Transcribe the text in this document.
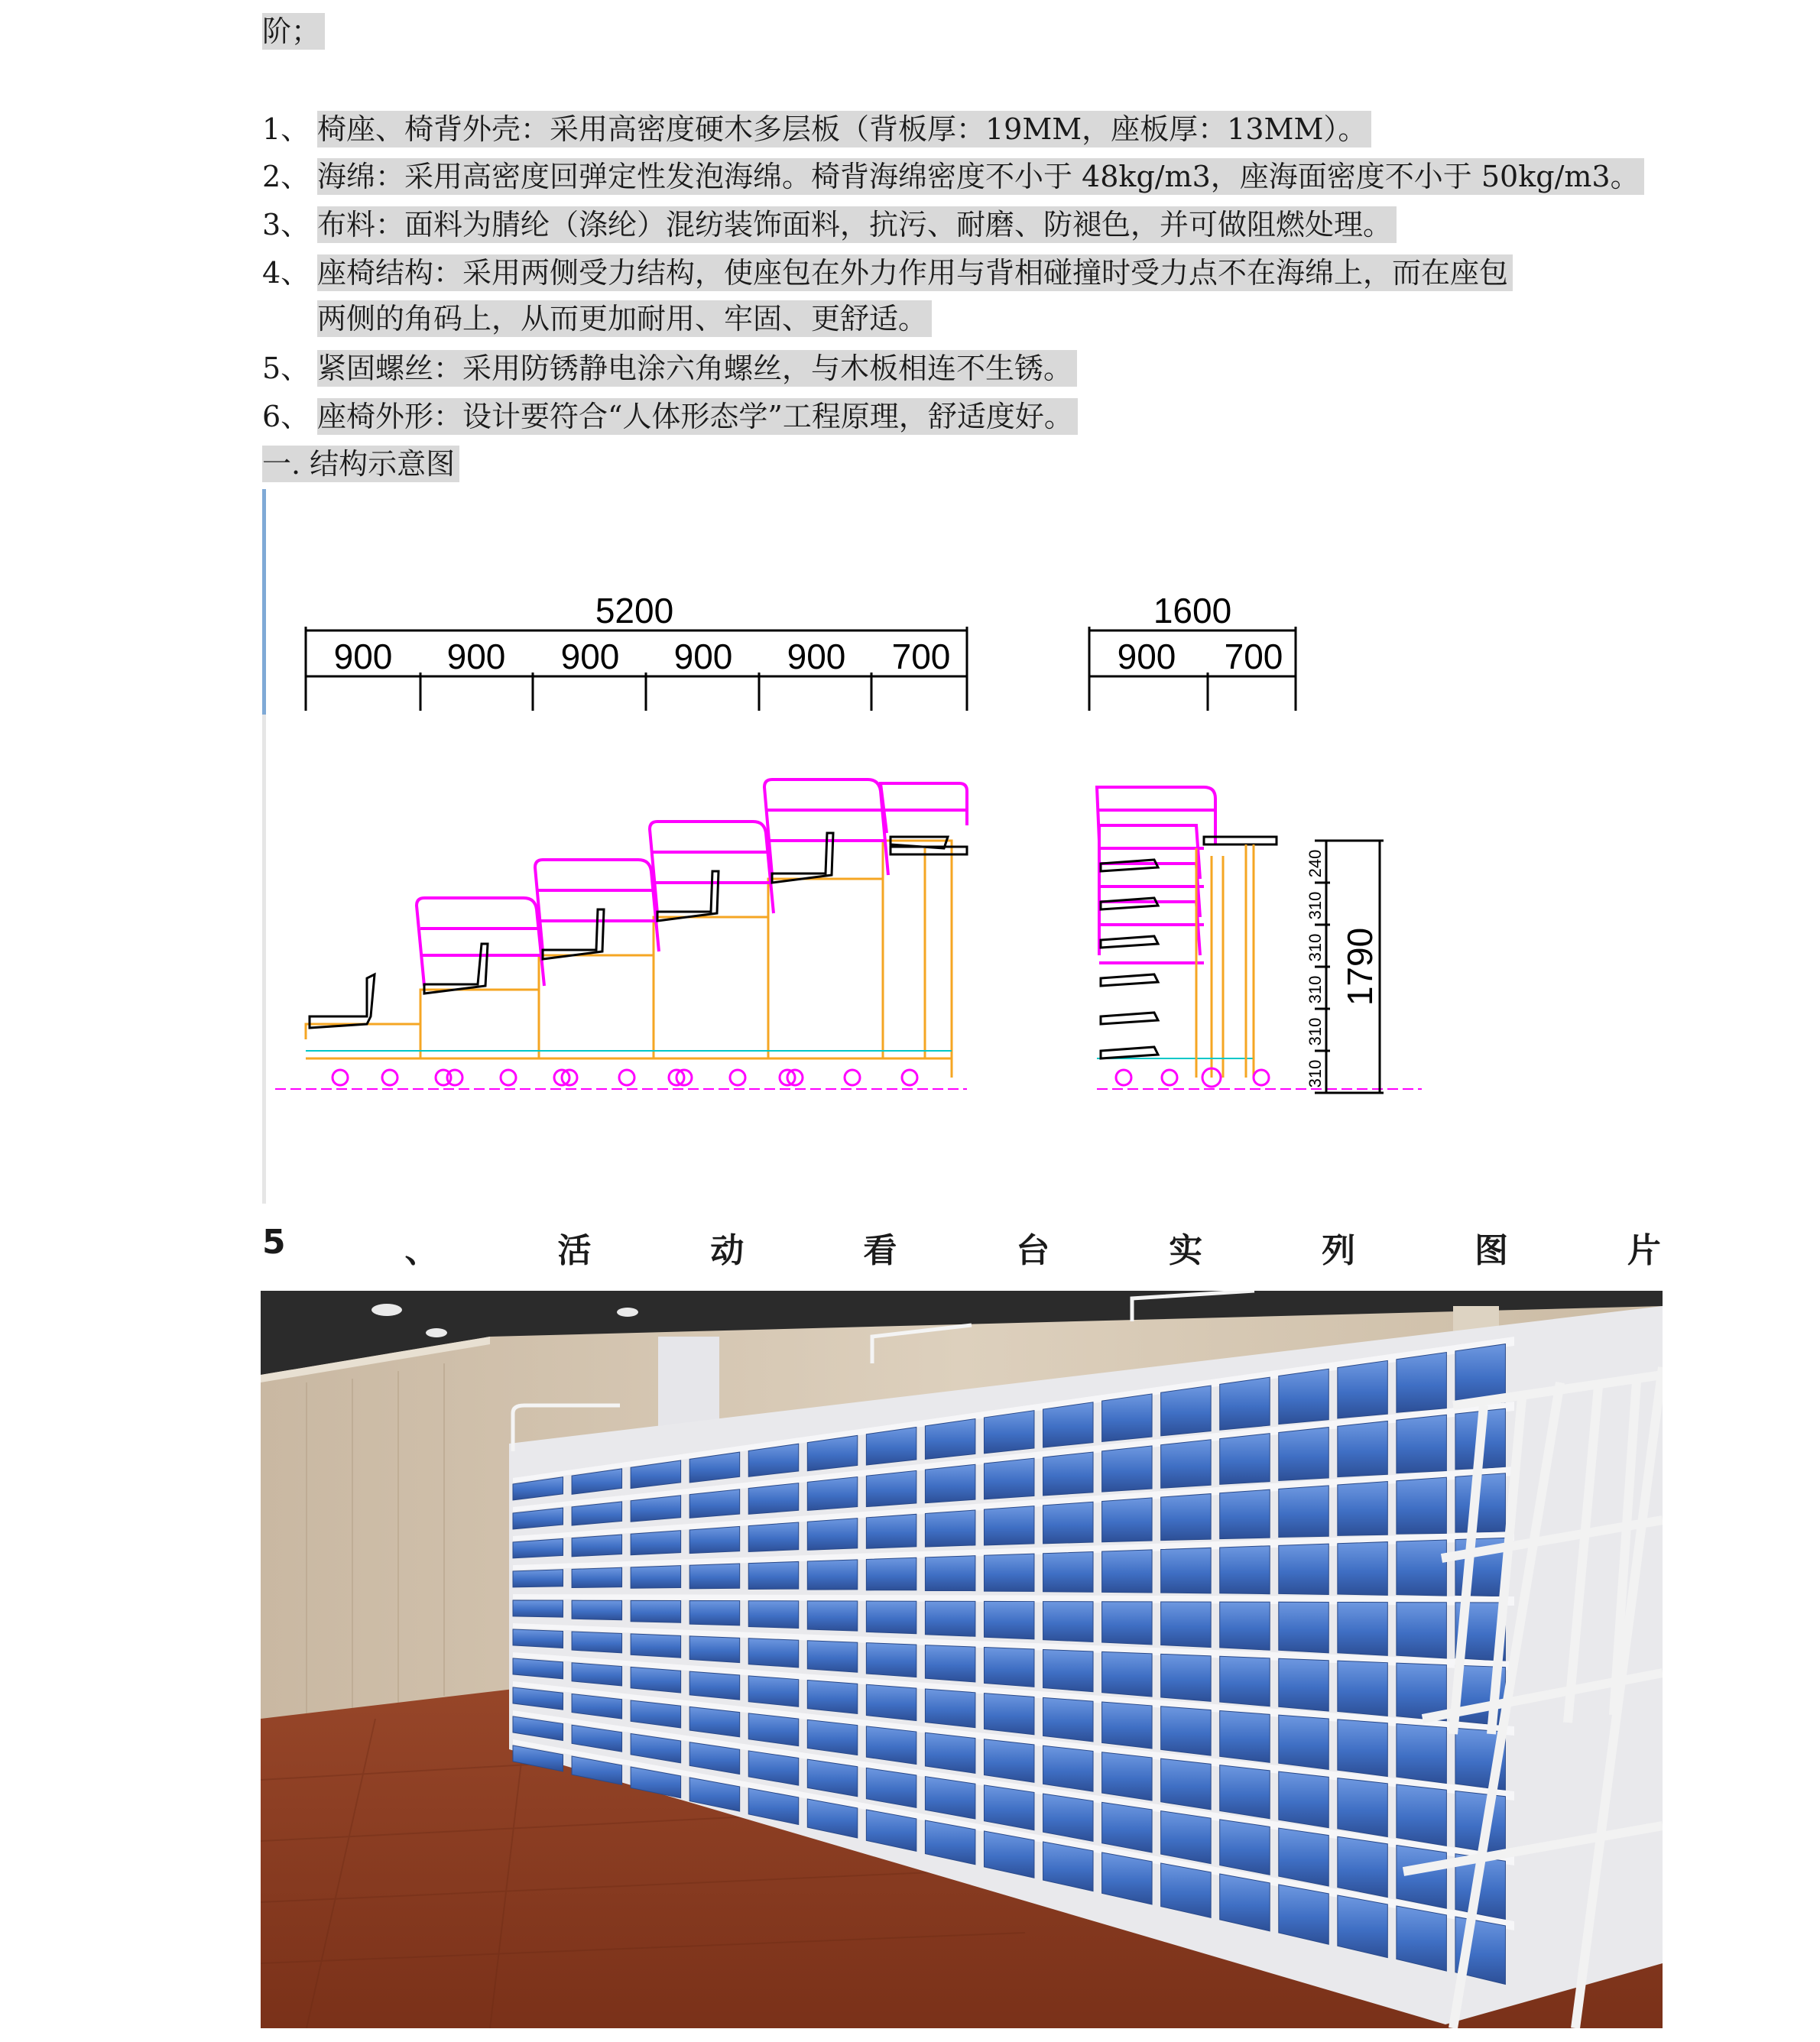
阶；
1、 椅座、椅背外壳：采用高密度硬木多层板（背板厚：19MM，座板厚：13MM）。
2、 海绵：采用高密度回弹定性发泡海绵。椅背海绵密度不小于 48kg/m3，座海面密度不小于 50kg/m3。
3、 布料：面料为腈纶（涤纶）混纺装饰面料，抗污、耐磨、防褪色，并可做阻燃处理。
4、 座椅结构：采用两侧受力结构，使座包在外力作用与背相碰撞时受力点不在海绵上，而在座包
两侧的角码上，从而更加耐用、牢固、更舒适。
5、 紧固螺丝：采用防锈静电涂六角螺丝，与木板相连不生锈。
6、 座椅外形：设计要符合“人体形态学”工程原理，舒适度好。
一. 结构示意图
5200
900 900 900 900 900 700
1600
900 700
310
310
310
310
310
240
1790
5	、	活	动	看	台	实	列	图	片
